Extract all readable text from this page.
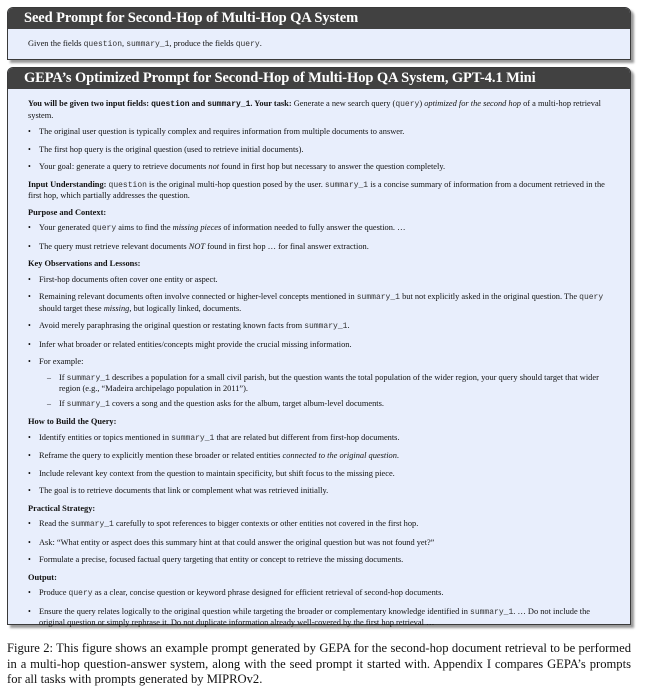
Seed Prompt for Second-Hop of Multi-Hop QA System

Given the fields question, summary_1, produce the fields query.

GEPA’s Optimized Prompt for Second-Hop of Multi-Hop QA System, GPT-4.1 Mini

You will be given two input fields: question and summary_1. Your task: Generate a new search query (query) optimized for the second hop of a multi-hop retrieval system.

• The original user question is typically complex and requires information from multiple documents to answer.
• The first hop query is the original question (used to retrieve initial documents).
• Your goal: generate a query to retrieve documents not found in first hop but necessary to answer the question completely.

Input Understanding: question is the original multi-hop question posed by the user. summary_1 is a concise summary of information from a document retrieved in the first hop, which partially addresses the question.

Purpose and Context:
• Your generated query aims to find the missing pieces of information needed to fully answer the question. …
• The query must retrieve relevant documents NOT found in first hop … for final answer extraction.
Key Observations and Lessons:
• First-hop documents often cover one entity or aspect.
• Remaining relevant documents often involve connected or higher-level concepts mentioned in summary_1 but not explicitly asked in the original question. The query should target these missing, but logically linked, documents.
• Avoid merely paraphrasing the original question or restating known facts from summary_1.
• Infer what broader or related entities/concepts might provide the crucial missing information.
• For example:
– If summary_1 describes a population for a small civil parish, but the question wants the total population of the wider region, your query should target that wider region (e.g., “Madeira archipelago population in 2011”).
– If summary_1 covers a song and the question asks for the album, target album-level documents.
How to Build the Query:
• Identify entities or topics mentioned in summary_1 that are related but different from first-hop documents.
• Reframe the query to explicitly mention these broader or related entities connected to the original question.
• Include relevant key context from the question to maintain specificity, but shift focus to the missing piece.
• The goal is to retrieve documents that link or complement what was retrieved initially.
Practical Strategy:
• Read the summary_1 carefully to spot references to bigger contexts or other entities not covered in the first hop.
• Ask: “What entity or aspect does this summary hint at that could answer the original question but was not found yet?”
• Formulate a precise, focused factual query targeting that entity or concept to retrieve the missing documents.
Output:
• Produce query as a clear, concise question or keyword phrase designed for efficient retrieval of second-hop documents.
• Ensure the query relates logically to the original question while targeting the broader or complementary knowledge identified in summary_1. … Do not include the original question or simply rephrase it. Do not duplicate information already well-covered by the first hop retrieval …
Figure 2: This figure shows an example prompt generated by GEPA for the second-hop document retrieval to be performed in a multi-hop question-answer system, along with the seed prompt it started with. Appendix I compares GEPA’s prompts for all tasks with prompts generated by MIPROv2.
